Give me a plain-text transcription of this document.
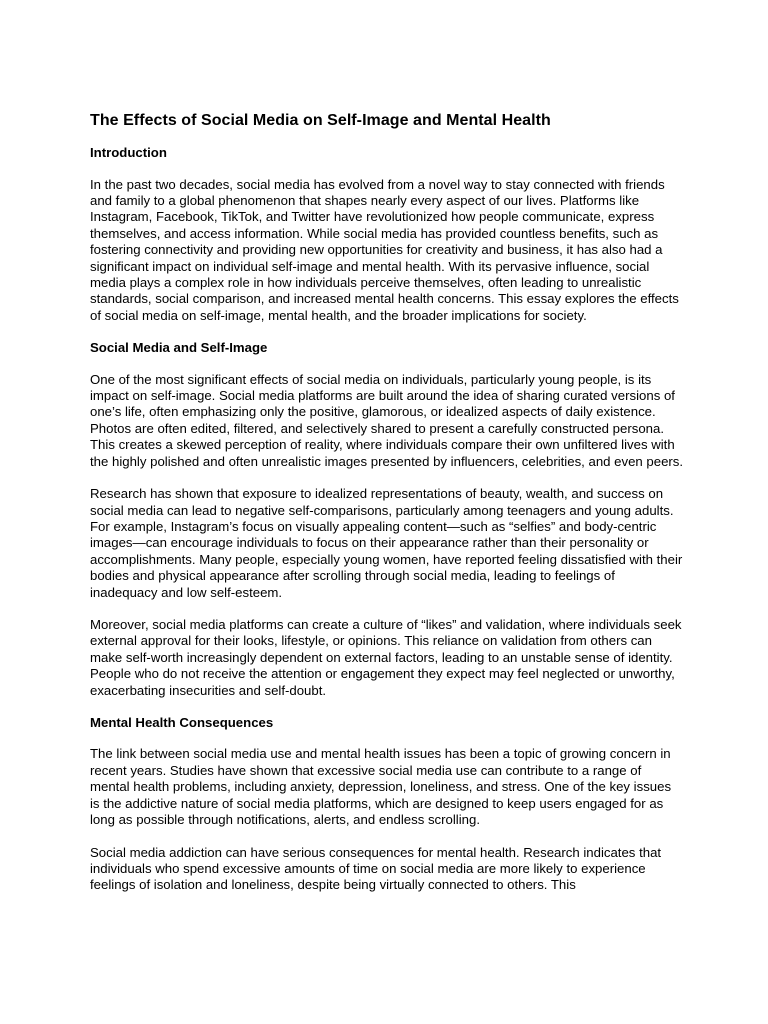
The Effects of Social Media on Self-Image and Mental Health
Introduction

In the past two decades, social media has evolved from a novel way to stay connected with friends and family to a global phenomenon that shapes nearly every aspect of our lives. Platforms like Instagram, Facebook, TikTok, and Twitter have revolutionized how people communicate, express themselves, and access information. While social media has provided countless benefits, such as fostering connectivity and providing new opportunities for creativity and business, it has also had a significant impact on individual self-image and mental health. With its pervasive influence, social media plays a complex role in how individuals perceive themselves, often leading to unrealistic standards, social comparison, and increased mental health concerns. This essay explores the effects of social media on self-image, mental health, and the broader implications for society.

Social Media and Self-Image

One of the most significant effects of social media on individuals, particularly young people, is its impact on self-image. Social media platforms are built around the idea of sharing curated versions of one’s life, often emphasizing only the positive, glamorous, or idealized aspects of daily existence. Photos are often edited, filtered, and selectively shared to present a carefully constructed persona. This creates a skewed perception of reality, where individuals compare their own unfiltered lives with the highly polished and often unrealistic images presented by influencers, celebrities, and even peers.

Research has shown that exposure to idealized representations of beauty, wealth, and success on social media can lead to negative self-comparisons, particularly among teenagers and young adults. For example, Instagram’s focus on visually appealing content—such as “selfies” and body-centric images—can encourage individuals to focus on their appearance rather than their personality or accomplishments. Many people, especially young women, have reported feeling dissatisfied with their bodies and physical appearance after scrolling through social media, leading to feelings of inadequacy and low self-esteem.

Moreover, social media platforms can create a culture of “likes” and validation, where individuals seek external approval for their looks, lifestyle, or opinions. This reliance on validation from others can make self-worth increasingly dependent on external factors, leading to an unstable sense of identity. People who do not receive the attention or engagement they expect may feel neglected or unworthy, exacerbating insecurities and self-doubt.

Mental Health Consequences

The link between social media use and mental health issues has been a topic of growing concern in recent years. Studies have shown that excessive social media use can contribute to a range of mental health problems, including anxiety, depression, loneliness, and stress. One of the key issues is the addictive nature of social media platforms, which are designed to keep users engaged for as long as possible through notifications, alerts, and endless scrolling.

Social media addiction can have serious consequences for mental health. Research indicates that individuals who spend excessive amounts of time on social media are more likely to experience feelings of isolation and loneliness, despite being virtually connected to others. This
